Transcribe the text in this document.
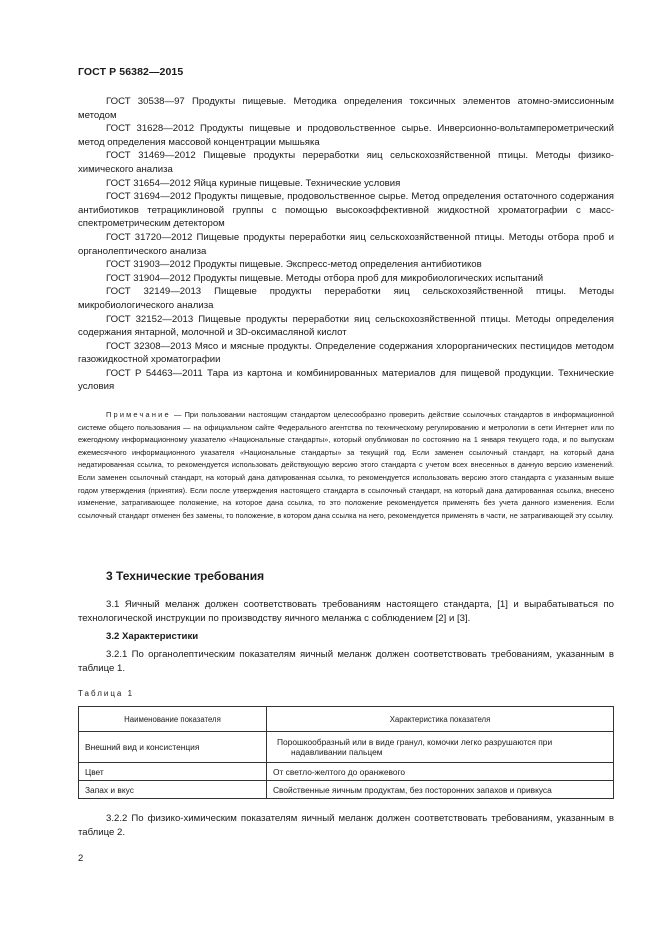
ГОСТ Р 56382—2015

ГОСТ 30538—97 Продукты пищевые. Методика определения токсичных элементов атомно-эмиссионным методом

ГОСТ 31628—2012 Продукты пищевые и продовольственное сырье. Инверсионно-вольтамперометрический метод определения массовой концентрации мышьяка

ГОСТ 31469—2012 Пищевые продукты переработки яиц сельскохозяйственной птицы. Методы физико-химического анализа

ГОСТ 31654—2012 Яйца куриные пищевые. Технические условия

ГОСТ 31694—2012 Продукты пищевые, продовольственное сырье. Метод определения остаточного содержания антибиотиков тетрациклиновой группы с помощью высокоэффективной жидкостной хроматографии с масс-спектрометрическим детектором

ГОСТ 31720—2012 Пищевые продукты переработки яиц сельскохозяйственной птицы. Методы отбора проб и органолептического анализа

ГОСТ 31903—2012 Продукты пищевые. Экспресс-метод определения антибиотиков

ГОСТ 31904—2012 Продукты пищевые. Методы отбора проб для микробиологических испытаний

ГОСТ 32149—2013 Пищевые продукты переработки яиц сельскохозяйственной птицы. Методы микробиологического анализа

ГОСТ 32152—2013 Пищевые продукты переработки яиц сельскохозяйственной птицы. Методы определения содержания янтарной, молочной и 3D-оксимасляной кислот

ГОСТ 32308—2013 Мясо и мясные продукты. Определение содержания хлорорганических пестицидов методом газожидкостной хроматографии

ГОСТ Р 54463—2011 Тара из картона и комбинированных материалов для пищевой продукции. Технические условия

Примечание — При пользовании настоящим стандартом целесообразно проверить действие ссылочных стандартов в информационной системе общего пользования — на официальном сайте Федерального агентства по техническому регулированию и метрологии в сети Интернет или по ежегодному информационному указателю «Национальные стандарты», который опубликован по состоянию на 1 января текущего года, и по выпускам ежемесячного информационного указателя «Национальные стандарты» за текущий год. Если заменен ссылочный стандарт, на который дана недатированная ссылка, то рекомендуется использовать действующую версию этого стандарта с учетом всех внесенных в данную версию изменений. Если заменен ссылочный стандарт, на который дана датированная ссылка, то рекомендуется использовать версию этого стандарта с указанным выше годом утверждения (принятия). Если после утверждения настоящего стандарта в ссылочный стандарт, на который дана датированная ссылка, внесено изменение, затрагивающее положение, на которое дана ссылка, то это положение рекомендуется применять без учета данного изменения. Если ссылочный стандарт отменен без замены, то положение, в котором дана ссылка на него, рекомендуется применять в части, не затрагивающей эту ссылку.

3 Технические требования

3.1 Яичный меланж должен соответствовать требованиям настоящего стандарта, [1] и вырабатываться по технологической инструкции по производству яичного меланжа с соблюдением [2] и [3].

3.2 Характеристики

3.2.1 По органолептическим показателям яичный меланж должен соответствовать требованиям, указанным в таблице 1.

Таблица 1
Наименование показателя	Характеристика показателя
Внешний вид и консистенция	Порошкообразный или в виде гранул, комочки легко разрушаются при надавливании пальцем
Цвет	От светло-желтого до оранжевого
Запах и вкус	Свойственные яичным продуктам, без посторонних запахов и привкуса

3.2.2 По физико-химическим показателям яичный меланж должен соответствовать требованиям, указанным в таблице 2.

2
